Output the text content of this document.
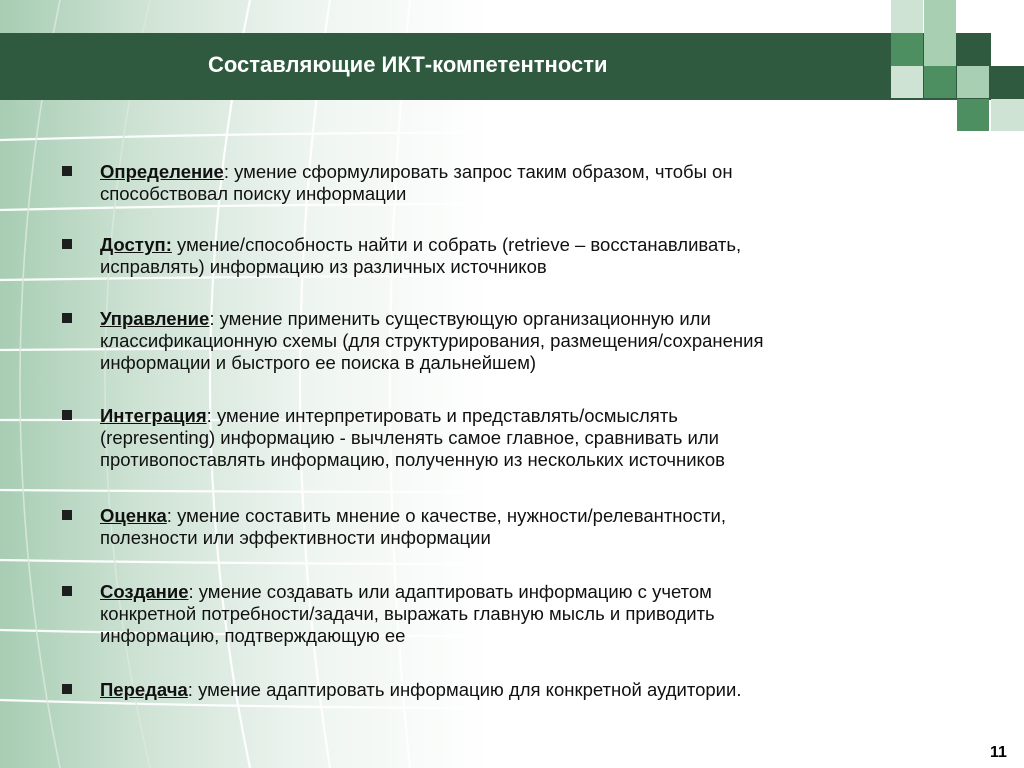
Составляющие ИКТ-компетентности
Определение: умение сформулировать запрос таким образом, чтобы он
способствовал поиску информации
Доступ: умение/способность найти и собрать (retrieve – восстанавливать,
исправлять) информацию из различных источников
Управление: умение применить существующую организационную или
классификационную схемы (для структурирования, размещения/сохранения
информации и быстрого ее поиска в дальнейшем)
Интеграция: умение интерпретировать и представлять/осмыслять
(representing) информацию - вычленять самое главное, сравнивать или
противопоставлять информацию, полученную из нескольких источников
Оценка: умение составить мнение о качестве, нужности/релевантности,
полезности или эффективности информации
Создание: умение создавать или адаптировать информацию с учетом
конкретной потребности/задачи, выражать главную мысль и приводить
информацию, подтверждающую ее
Передача: умение адаптировать информацию для конкретной аудитории.
11
